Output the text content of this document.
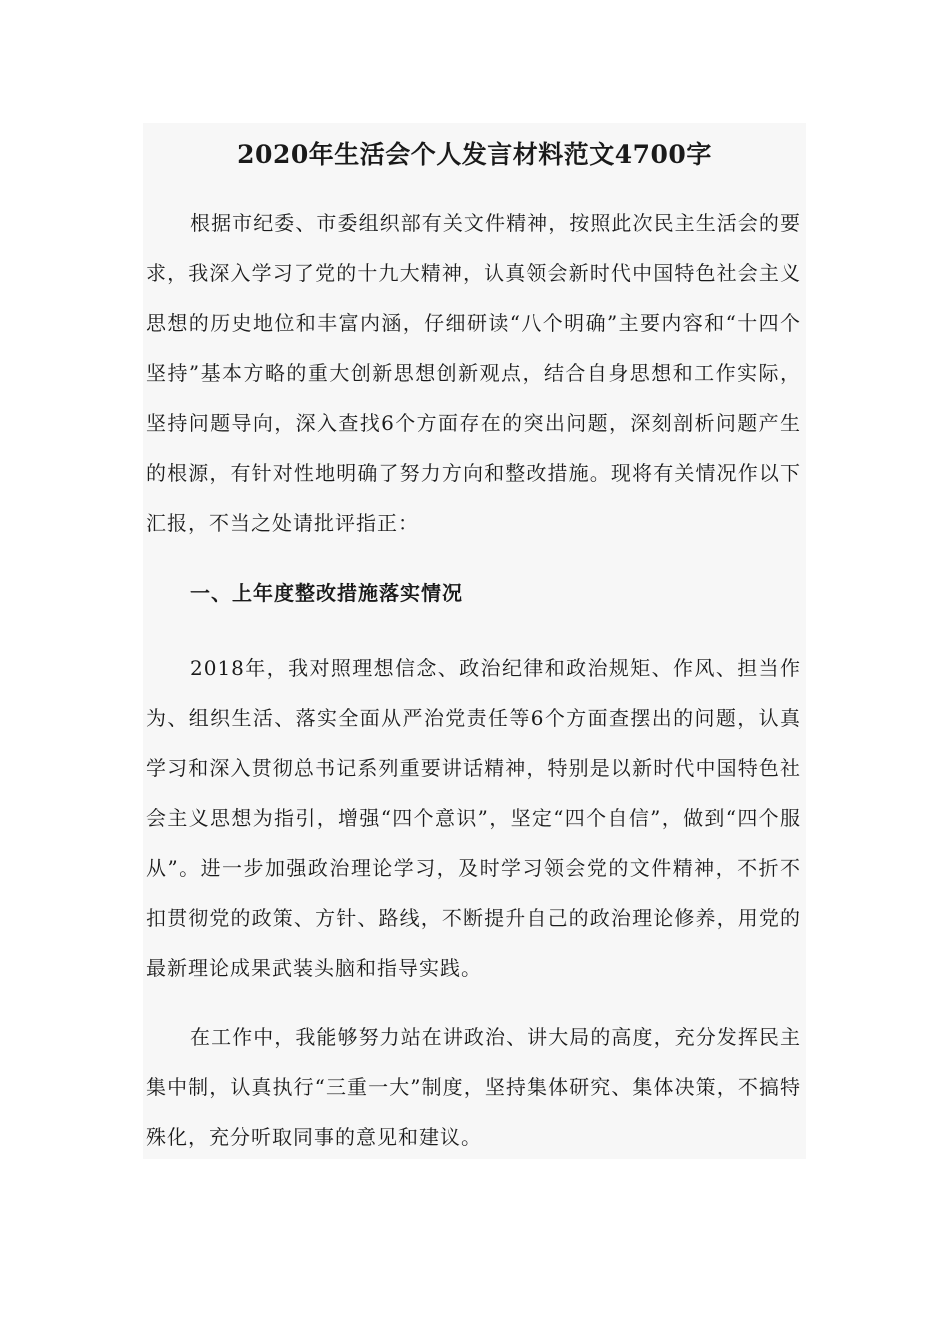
2020年生活会个人发言材料范文4700字

根据市纪委、市委组织部有关文件精神，按照此次民主生活会的要求，我深入学习了党的十九大精神，认真领会新时代中国特色社会主义思想的历史地位和丰富内涵，仔细研读“八个明确”主要内容和“十四个坚持”基本方略的重大创新思想创新观点，结合自身思想和工作实际，坚持问题导向，深入查找6个方面存在的突出问题，深刻剖析问题产生的根源，有针对性地明确了努力方向和整改措施。现将有关情况作以下汇报，不当之处请批评指正：

一、上年度整改措施落实情况

2018年，我对照理想信念、政治纪律和政治规矩、作风、担当作为、组织生活、落实全面从严治党责任等6个方面查摆出的问题，认真学习和深入贯彻总书记系列重要讲话精神，特别是以新时代中国特色社会主义思想为指引，增强“四个意识”，坚定“四个自信”，做到“四个服从”。进一步加强政治理论学习，及时学习领会党的文件精神，不折不扣贯彻党的政策、方针、路线，不断提升自己的政治理论修养，用党的最新理论成果武装头脑和指导实践。

在工作中，我能够努力站在讲政治、讲大局的高度，充分发挥民主集中制，认真执行“三重一大”制度，坚持集体研究、集体决策，不搞特殊化，充分听取同事的意见和建议。
